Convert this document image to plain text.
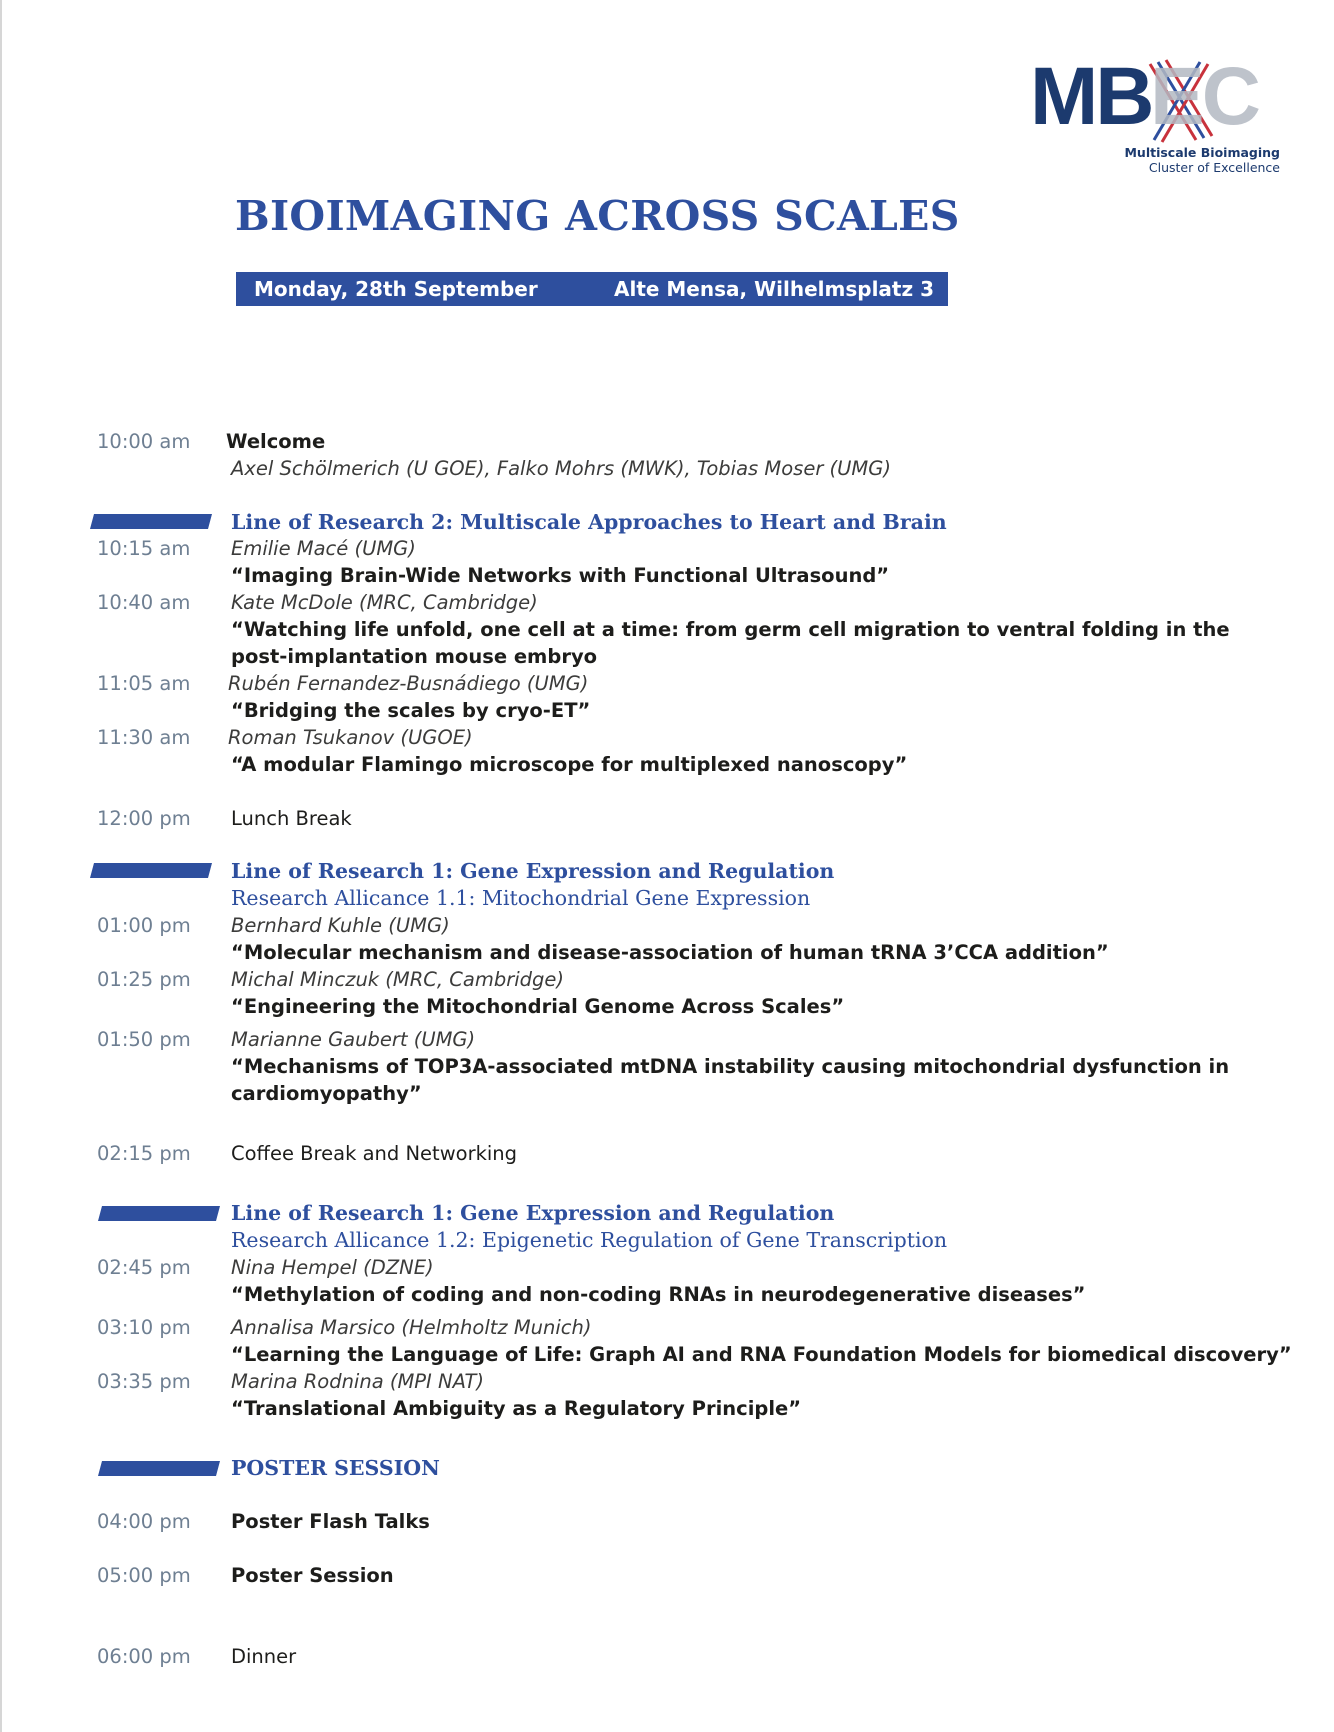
MB
EC
Multiscale Bioimaging
Cluster of Excellence
BIOIMAGING ACROSS SCALES
Monday, 28th September	Alte Mensa, Wilhelmsplatz 3
10:00 am Welcome
Axel Schölmerich (U GOE), Falko Mohrs (MWK), Tobias Moser (UMG)
Line of Research 2: Multiscale Approaches to Heart and Brain
10:15 am Emilie Macé (UMG)
“Imaging Brain-Wide Networks with Functional Ultrasound”
10:40 am Kate McDole (MRC, Cambridge)
“Watching life unfold, one cell at a time: from germ cell migration to ventral folding in the
post-implantation mouse embryo
11:05 am Rubén Fernandez-Busnádiego (UMG)
“Bridging the scales by cryo-ET”
11:30 am Roman Tsukanov (UGOE)
“A modular Flamingo microscope for multiplexed nanoscopy”
12:00 pm Lunch Break
Line of Research 1: Gene Expression and Regulation
Research Allicance 1.1: Mitochondrial Gene Expression
01:00 pm Bernhard Kuhle (UMG)
“Molecular mechanism and disease-association of human tRNA 3’CCA addition”
01:25 pm Michal Minczuk (MRC, Cambridge)
“Engineering the Mitochondrial Genome Across Scales”
01:50 pm Marianne Gaubert (UMG)
“Mechanisms of TOP3A-associated mtDNA instability causing mitochondrial dysfunction in
cardiomyopathy”
02:15 pm Coffee Break and Networking
Line of Research 1: Gene Expression and Regulation
Research Allicance 1.2: Epigenetic Regulation of Gene Transcription
02:45 pm Nina Hempel (DZNE)
“Methylation of coding and non-coding RNAs in neurodegenerative diseases”
03:10 pm Annalisa Marsico (Helmholtz Munich)
“Learning the Language of Life: Graph AI and RNA Foundation Models for biomedical discovery”
03:35 pm Marina Rodnina (MPI NAT)
“Translational Ambiguity as a Regulatory Principle”
POSTER SESSION
04:00 pm Poster Flash Talks
05:00 pm Poster Session
06:00 pm Dinner
